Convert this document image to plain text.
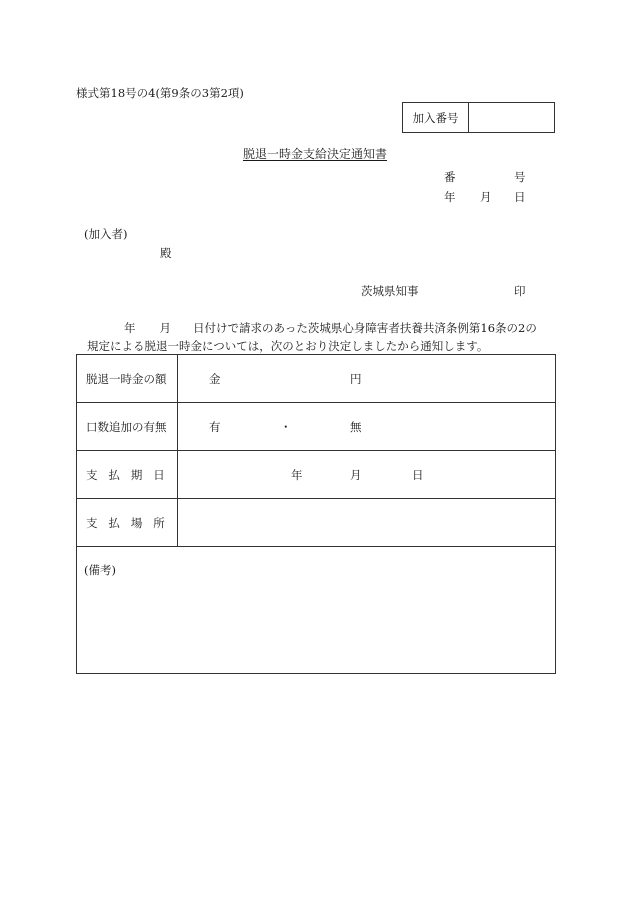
様式第18号の4(第9条の3第2項)
加入番号
脱退一時金支給決定通知書
番	号
年 月 日
(加入者)
殿
茨城県知事	印
年 月 日付けで請求のあった茨城県心身障害者扶養共済条例第16条の2の
規定による脱退一時金については，次のとおり決定しましたから通知します。
脱退一時金の額	金	円
口数追加の有無	有	・	無
支払期日	年	月	日
支払場所
(備考)
